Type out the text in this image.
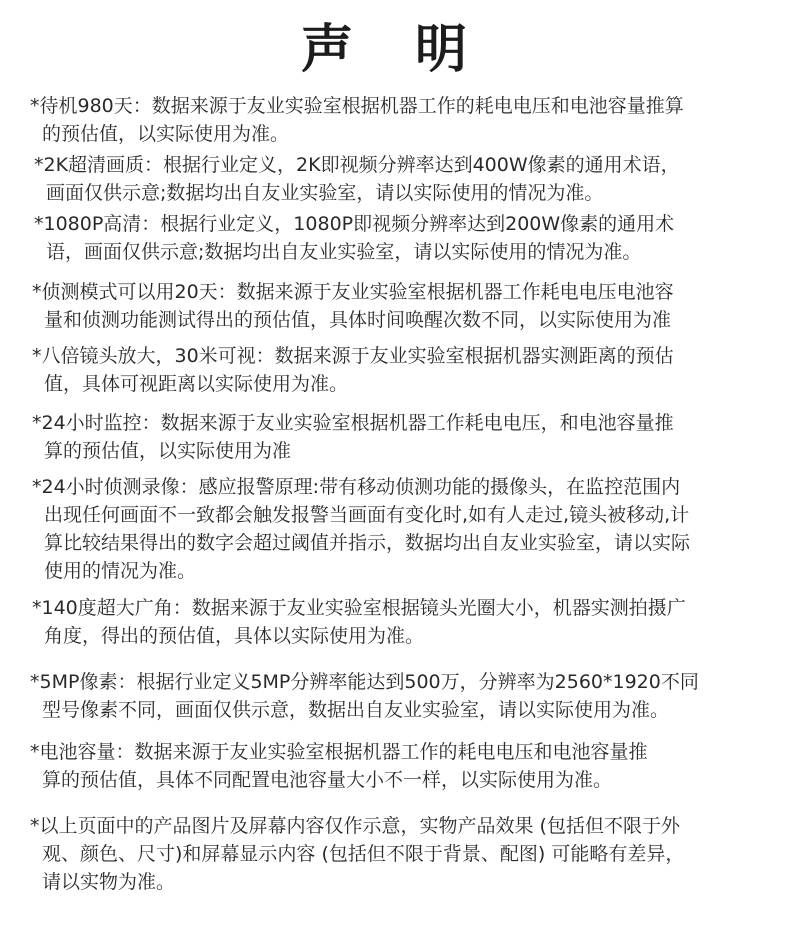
声 明
*待机980天：数据来源于友业实验室根据机器工作的耗电电压和电池容量推算
的预估值，以实际使用为准。
*2K超清画质：根据行业定义，2K即视频分辨率达到400W像素的通用术语，
画面仅供示意;数据均出自友业实验室，请以实际使用的情况为准。
*1080P高清：根据行业定义，1080P即视频分辨率达到200W像素的通用术
语，画面仅供示意;数据均出自友业实验室，请以实际使用的情况为准。
*侦测模式可以用20天：数据来源于友业实验室根据机器工作耗电电压电池容
量和侦测功能测试得出的预估值，具体时间唤醒次数不同，以实际使用为准
*八倍镜头放大，30米可视：数据来源于友业实验室根据机器实测距离的预估
值，具体可视距离以实际使用为准。
*24小时监控：数据来源于友业实验室根据机器工作耗电电压，和电池容量推
算的预估值，以实际使用为准
*24小时侦测录像：感应报警原理:带有移动侦测功能的摄像头，在监控范围内
出现任何画面不一致都会触发报警当画面有变化时,如有人走过,镜头被移动,计
算比较结果得出的数字会超过阈值并指示，数据均出自友业实验室，请以实际
使用的情况为准。
*140度超大广角：数据来源于友业实验室根据镜头光圈大小，机器实测拍摄广
角度，得出的预估值，具体以实际使用为准。
*5MP像素：根据行业定义5MP分辨率能达到500万，分辨率为2560*1920不同
型号像素不同，画面仅供示意，数据出自友业实验室，请以实际使用为准。
*电池容量：数据来源于友业实验室根据机器工作的耗电电压和电池容量推
算的预估值，具体不同配置电池容量大小不一样，以实际使用为准。
*以上页面中的产品图片及屏幕内容仅作示意，实物产品效果 (包括但不限于外
观、颜色、尺寸)和屏幕显示内容 (包括但不限于背景、配图) 可能略有差异，
请以实物为准。
